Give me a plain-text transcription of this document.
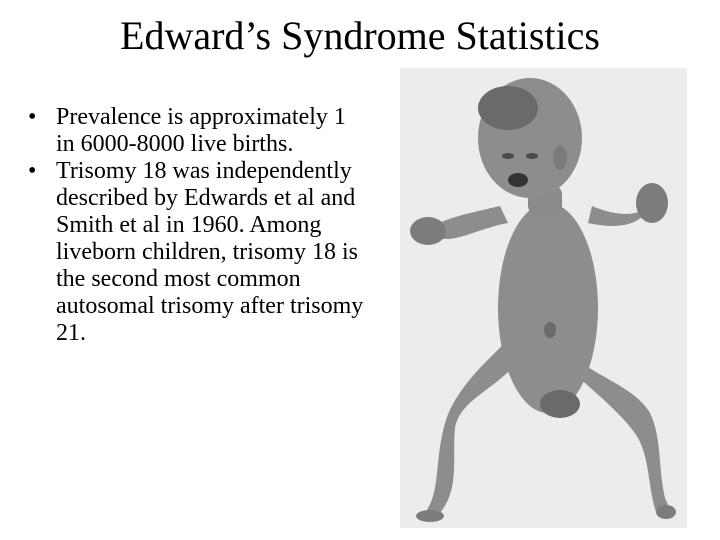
Edward’s Syndrome Statistics
• Prevalence is approximately 1 in 6000-8000 live births.
• Trisomy 18 was independently described by Edwards et al and Smith et al in 1960. Among liveborn children, trisomy 18 is the second most common autosomal trisomy after trisomy 21.
